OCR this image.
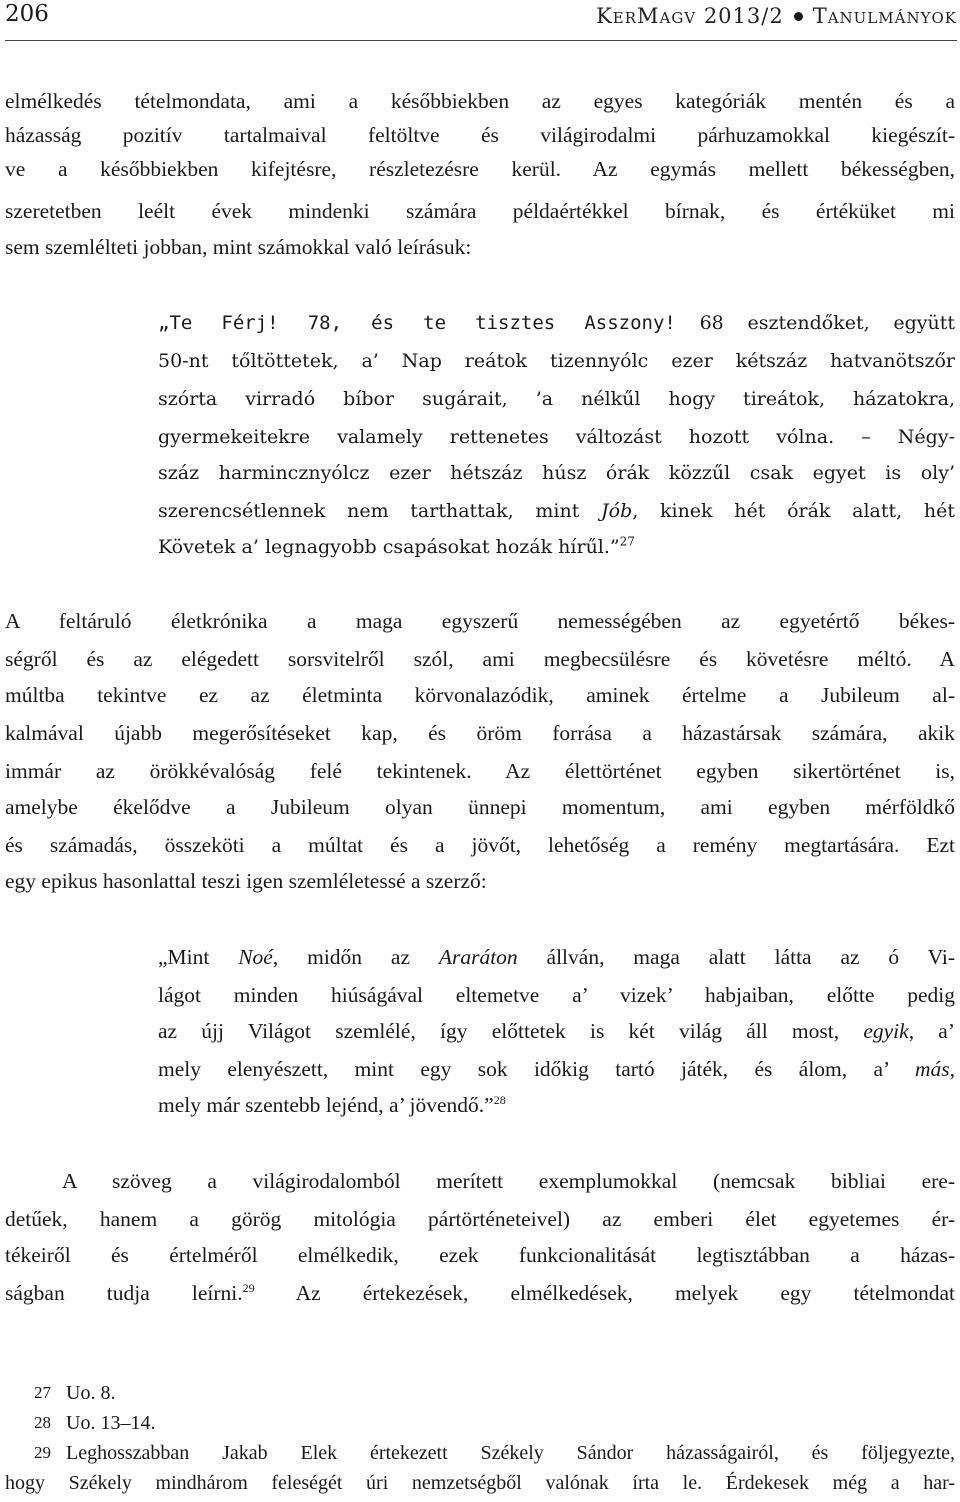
206	KerMagv 2013/2 Tanulmányok
elmélkedés tételmondata, ami a későbbiekben az egyes kategóriák mentén és a
házasság pozitív tartalmaival feltöltve és világirodalmi párhuzamokkal kiegészít-
ve a későbbiekben kifejtésre, részletezésre kerül. Az egymás mellett békességben,
szeretetben leélt évek mindenki számára példaértékkel bírnak, és értéküket mi
sem szemlélteti jobban, mint számokkal való leírásuk:
„Te Férj! 78, és te tisztes Asszony! 68 esztendőket, együtt
50-nt tőltöttetek, a’ Nap reátok tizennyólc ezer kétszáz hatvanötszőr
szórta virradó bíbor sugárait, ’a nélkűl hogy tireátok, házatokra,
gyermekeitekre valamely rettenetes változást hozott vólna. – Négy-
száz harmincznyólcz ezer hétszáz húsz órák közzűl csak egyet is oly’
szerencsétlennek nem tarthattak, mint Jób, kinek hét órák alatt, hét
Követek a’ legnagyobb csapásokat hozák hírűl.”$^{27}$
A feltáruló életkrónika a maga egyszerű nemességében az egyetértő békes-
ségről és az elégedett sorsvitelről szól, ami megbecsülésre és követésre méltó. A
múltba tekintve ez az életminta körvonalazódik, aminek értelme a Jubileum al-
kalmával újabb megerősítéseket kap, és öröm forrása a házastársak számára, akik
immár az örökkévalóság felé tekintenek. Az élettörténet egyben sikertörténet is,
amelybe ékelődve a Jubileum olyan ünnepi momentum, ami egyben mérföldkő
és számadás, összeköti a múltat és a jövőt, lehetőség a remény megtartására. Ezt
egy epikus hasonlattal teszi igen szemléletessé a szerző:
„Mint Noé, midőn az Araráton állván, maga alatt látta az ó Vi-
lágot minden hiúságával eltemetve a’ vizek’ habjaiban, előtte pedig
az újj Világot szemlélé, így előttetek is két világ áll most, egyik, a’
mely elenyészett, mint egy sok időkig tartó játék, és álom, a’ más,
mely már szentebb lejénd, a’ jövendő.”$^{28}$
A szöveg a világirodalomból merített exemplumokkal (nemcsak bibliai ere-
detűek, hanem a görög mitológia pártörténeteivel) az emberi élet egyetemes ér-
tékeiről és értelméről elmélkedik, ezek funkcionalitását legtisztábban a házas-
ságban tudja leírni.$^{29}$ Az értekezések, elmélkedések, melyek egy tételmondat
27 Uo. 8.
28 Uo. 13–14.
29 Leghosszabban Jakab Elek értekezett Székely Sándor házasságairól, és följegyezte,
hogy Székely mindhárom feleségét úri nemzetségből valónak írta le. Érdekesek még a har-
